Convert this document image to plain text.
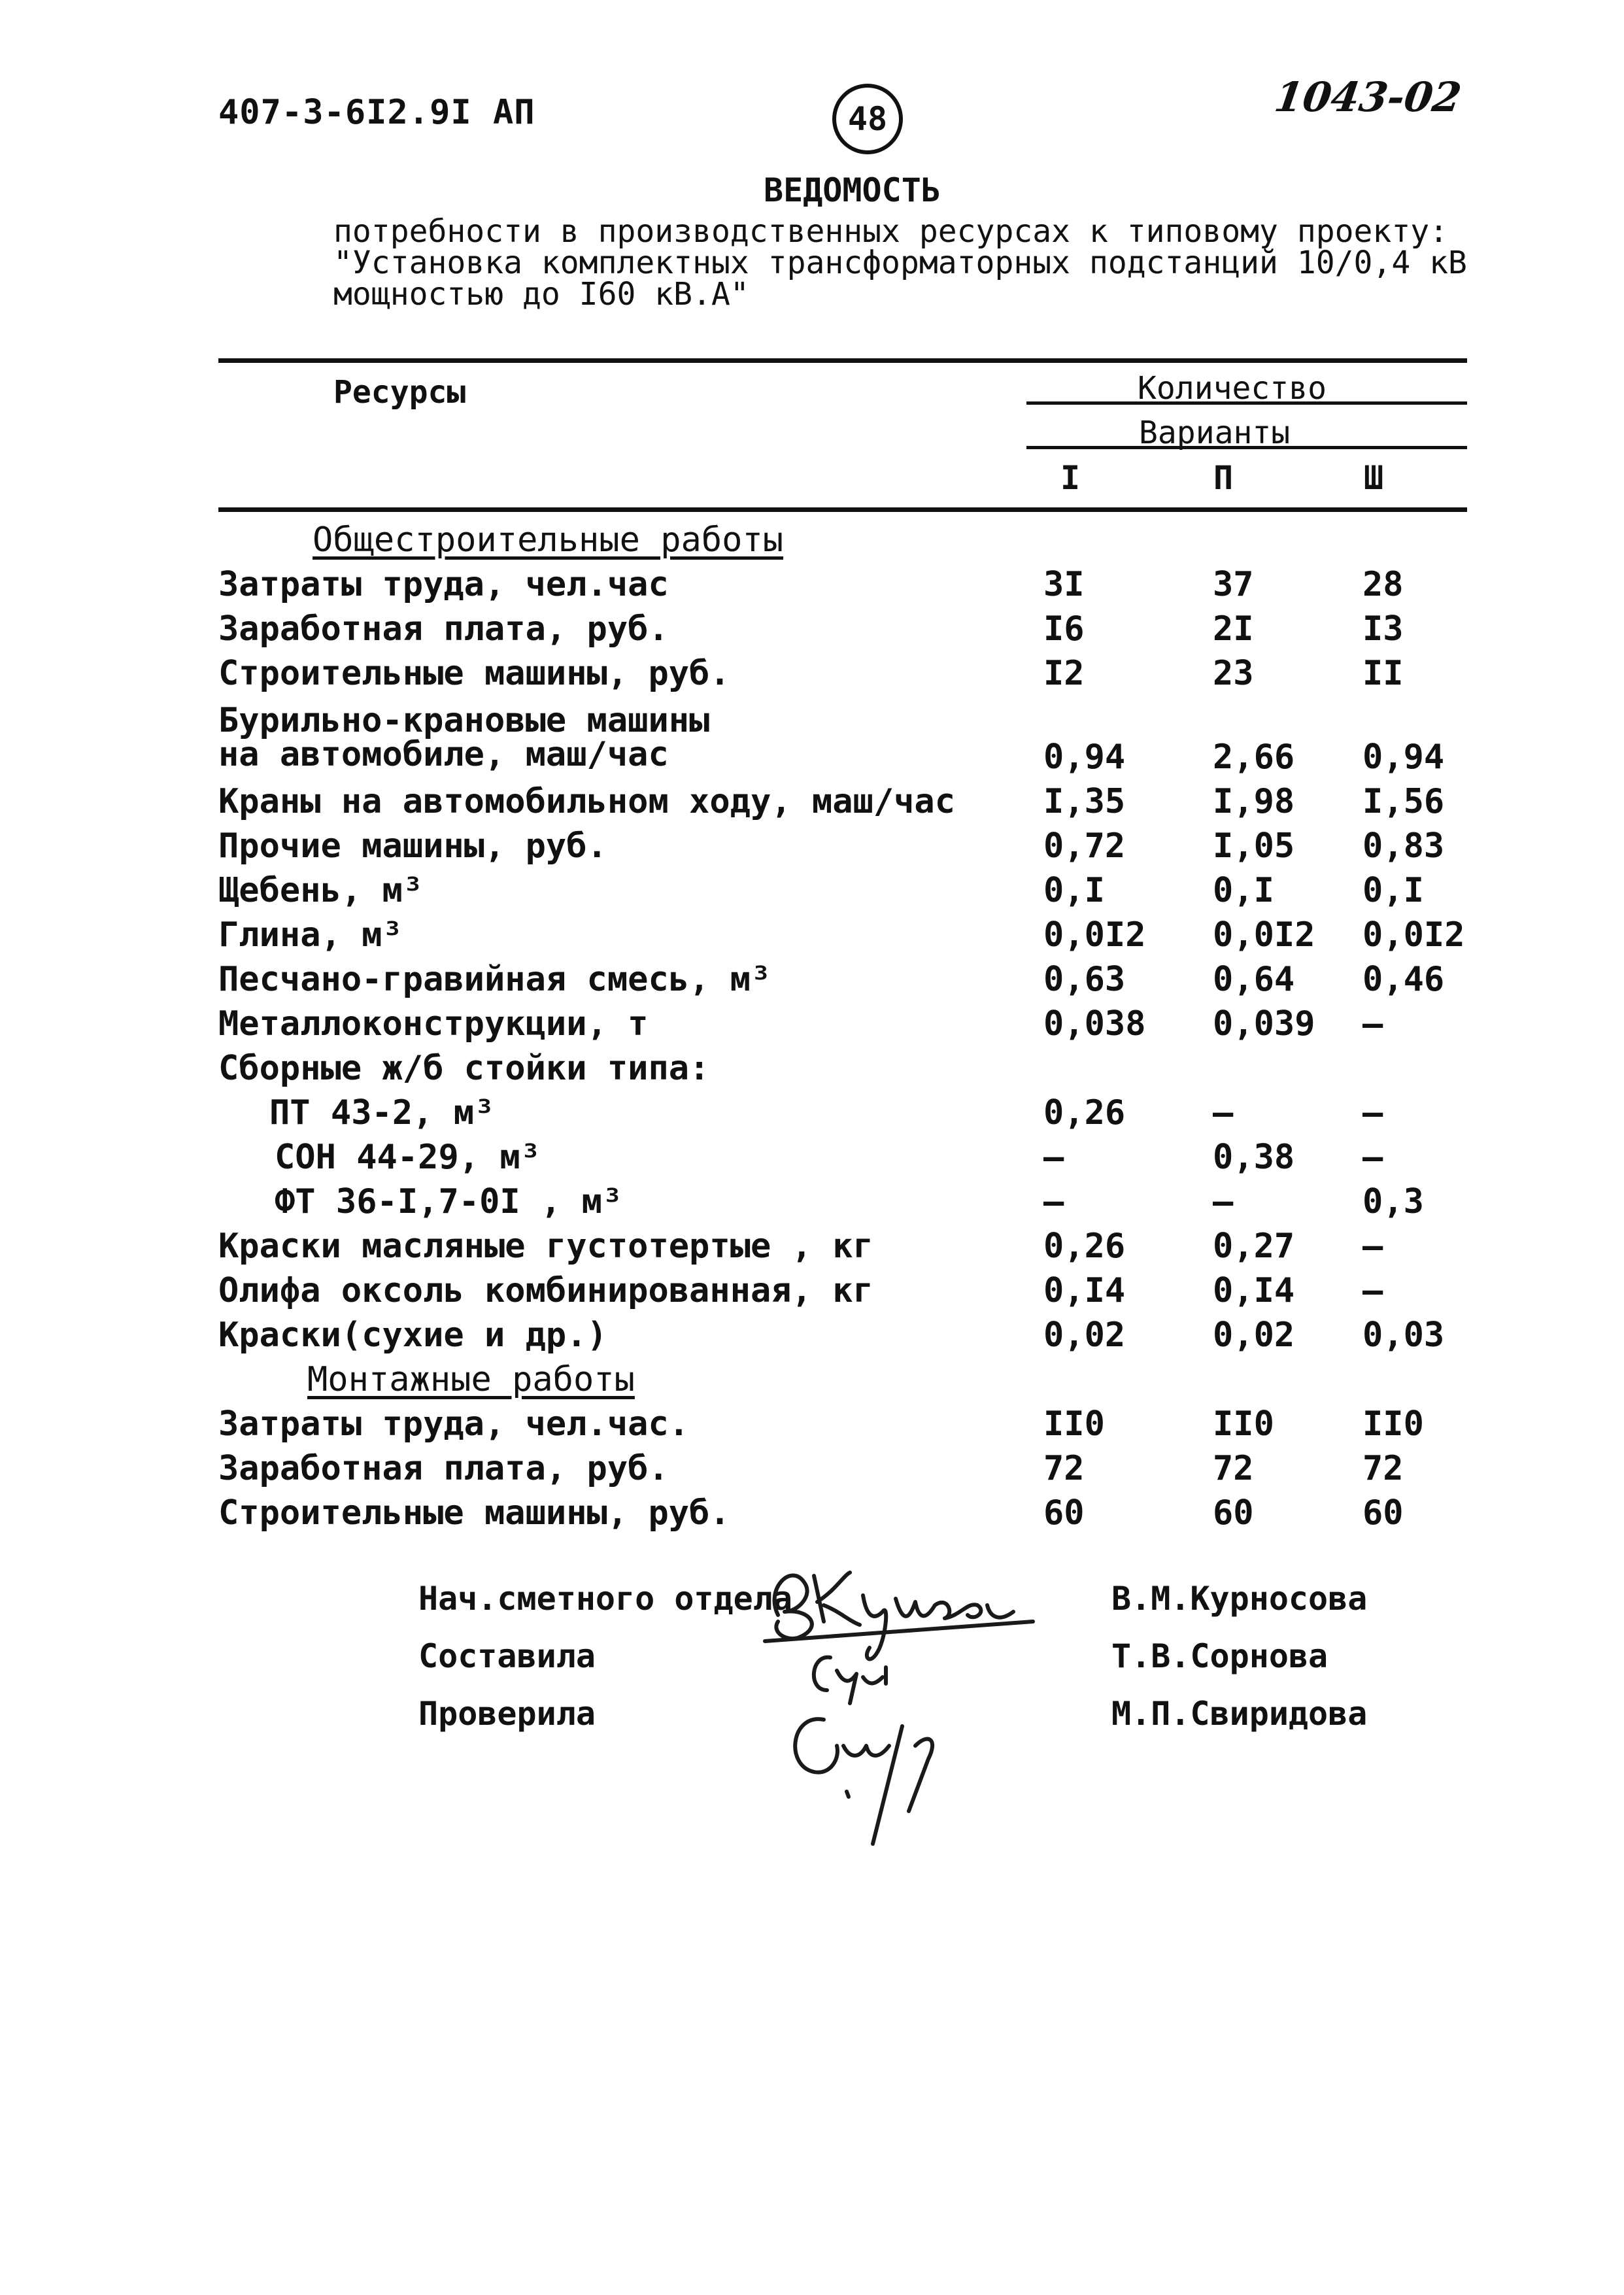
407-3-6I2.9I АП	48	1043-02
ВЕДОМОСТЬ
потребности в производственных ресурсах к типовому проекту:
"Установка комплектных трансформаторных подстанций 10/0,4 кВ
мощностью до I60 кВ.А"
Ресурсы	Количество
Варианты
I	П	Ш
Общестроительные работы
Затраты труда, чел.час	3I	37	28
Заработная плата, руб.	I6	2I	I3
Строительные машины, руб.	I2	23	II
Бурильно-крановые машины
на автомобиле, маш/час	0,94	2,66 0,94
Краны на автомобильном ходу, маш/час	I,35	I,98 I,56
Прочие машины, руб.	0,72	I,05 0,83
Щебень, м³	0,I	0,I	0,I
Глина, м³	0,0I2 0,0I2 0,0I2
Песчано-гравийная смесь, м³	0,63	0,64 0,46
Металлоконструкции, т	0,038 0,039 –
Сборные ж/б стойки типа:
ПТ 43-2, м³	0,26	–	–
СОН 44-29, м³	–	0,38 –
ФТ 36-I,7-0I , м³	–	–	0,3
Краски масляные густотертые , кг	0,26	0,27 –
Олифа оксоль комбинированная, кг	0,I4	0,I4 –
Краски(сухие и др.)	0,02	0,02 0,03
Монтажные работы
Затраты труда, чел.час.	II0	II0	II0
Заработная плата, руб.	72	72	72
Строительные машины, руб.	60	60	60
Нач.сметного отдела	В.М.Курносова
Составила	Т.В.Сорнова
Проверила	М.П.Свиридова
